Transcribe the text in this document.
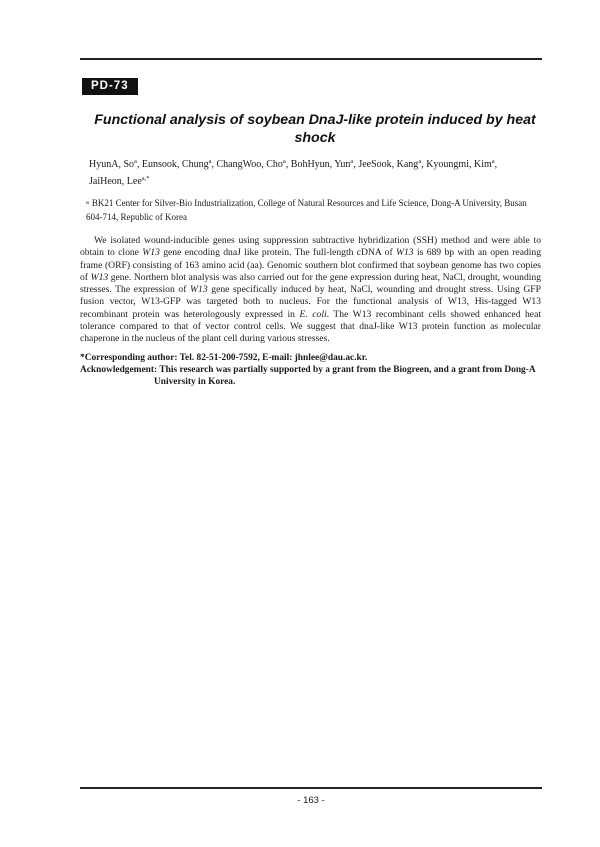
PD-73
Functional analysis of soybean DnaJ-like protein induced by heat shock
HyunA, So$^a$, Eunsook, Chung$^a$, ChangWoo, Cho$^a$, BohHyun, Yun$^a$, JeeSook, Kang$^a$, Kyoungmi, Kim$^a$, JaiHeon, Lee$^{a,*}$
$^a$ BK21 Center for Silver-Bio Industrialization, College of Natural Resources and Life Science, Dong-A University, Busan 604-714, Republic of Korea

We isolated wound-inducible genes using suppression subtractive hybridization (SSH) method and were able to obtain to clone W13 gene encoding dnaJ like protein. The full-length cDNA of W13 is 689 bp with an open reading frame (ORF) consisting of 163 amino acid (aa). Genomic southern blot confirmed that soybean genome has two copies of W13 gene. Northern blot analysis was also carried out for the gene expression during heat, NaCl, drought, wounding stresses. The expression of W13 gene specifically induced by heat, NaCl, wounding and drought stress. Using GFP fusion vector, W13-GFP was targeted both to nucleus. For the functional analysis of W13, His-tagged W13 recombinant protein was heterologously expressed in E. coli. The W13 recombinant cells showed enhanced heat tolerance compared to that of vector control cells. We suggest that dnaJ-like W13 protein function as molecular chaperone in the nucleus of the plant cell during various stresses.

*Corresponding author: Tel. 82-51-200-7592, E-mail: jhnlee@dau.ac.kr.
Acknowledgement:
This research was partially supported by a grant from the Biogreen, and a grant from Dong-A
University in Korea.
- 163 -
